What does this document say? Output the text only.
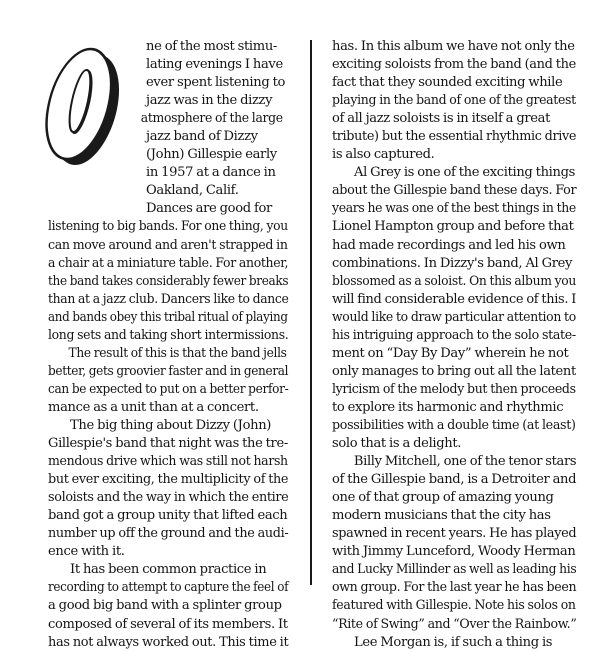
ne of the most stimu-
lating evenings I have
ever spent listening to
jazz was in the dizzy
atmosphere of the large
jazz band of Dizzy
(John) Gillespie early
in 1957 at a dance in
Oakland, Calif.
Dances are good for
listening to big bands. For one thing, you
can move around and aren't strapped in
a chair at a miniature table. For another,
the band takes considerably fewer breaks
than at a jazz club. Dancers like to dance
and bands obey this tribal ritual of playing
long sets and taking short intermissions.
The result of this is that the band jells
better, gets groovier faster and in general
can be expected to put on a better perfor-
mance as a unit than at a concert.
The big thing about Dizzy (John)
Gillespie's band that night was the tre-
mendous drive which was still not harsh
but ever exciting, the multiplicity of the
soloists and the way in which the entire
band got a group unity that lifted each
number up off the ground and the audi-
ence with it.
It has been common practice in
recording to attempt to capture the feel of
a good big band with a splinter group
composed of several of its members. It
has not always worked out. This time it
has. In this album we have not only the
exciting soloists from the band (and the
fact that they sounded exciting while
playing in the band of one of the greatest
of all jazz soloists is in itself a great
tribute) but the essential rhythmic drive
is also captured.
Al Grey is one of the exciting things
about the Gillespie band these days. For
years he was one of the best things in the
Lionel Hampton group and before that
had made recordings and led his own
combinations. In Dizzy's band, Al Grey
blossomed as a soloist. On this album you
will find considerable evidence of this. I
would like to draw particular attention to
his intriguing approach to the solo state-
ment on “Day By Day” wherein he not
only manages to bring out all the latent
lyricism of the melody but then proceeds
to explore its harmonic and rhythmic
possibilities with a double time (at least)
solo that is a delight.
Billy Mitchell, one of the tenor stars
of the Gillespie band, is a Detroiter and
one of that group of amazing young
modern musicians that the city has
spawned in recent years. He has played
with Jimmy Lunceford, Woody Herman
and Lucky Millinder as well as leading his
own group. For the last year he has been
featured with Gillespie. Note his solos on
“Rite of Swing” and “Over the Rainbow.”
Lee Morgan is, if such a thing is
